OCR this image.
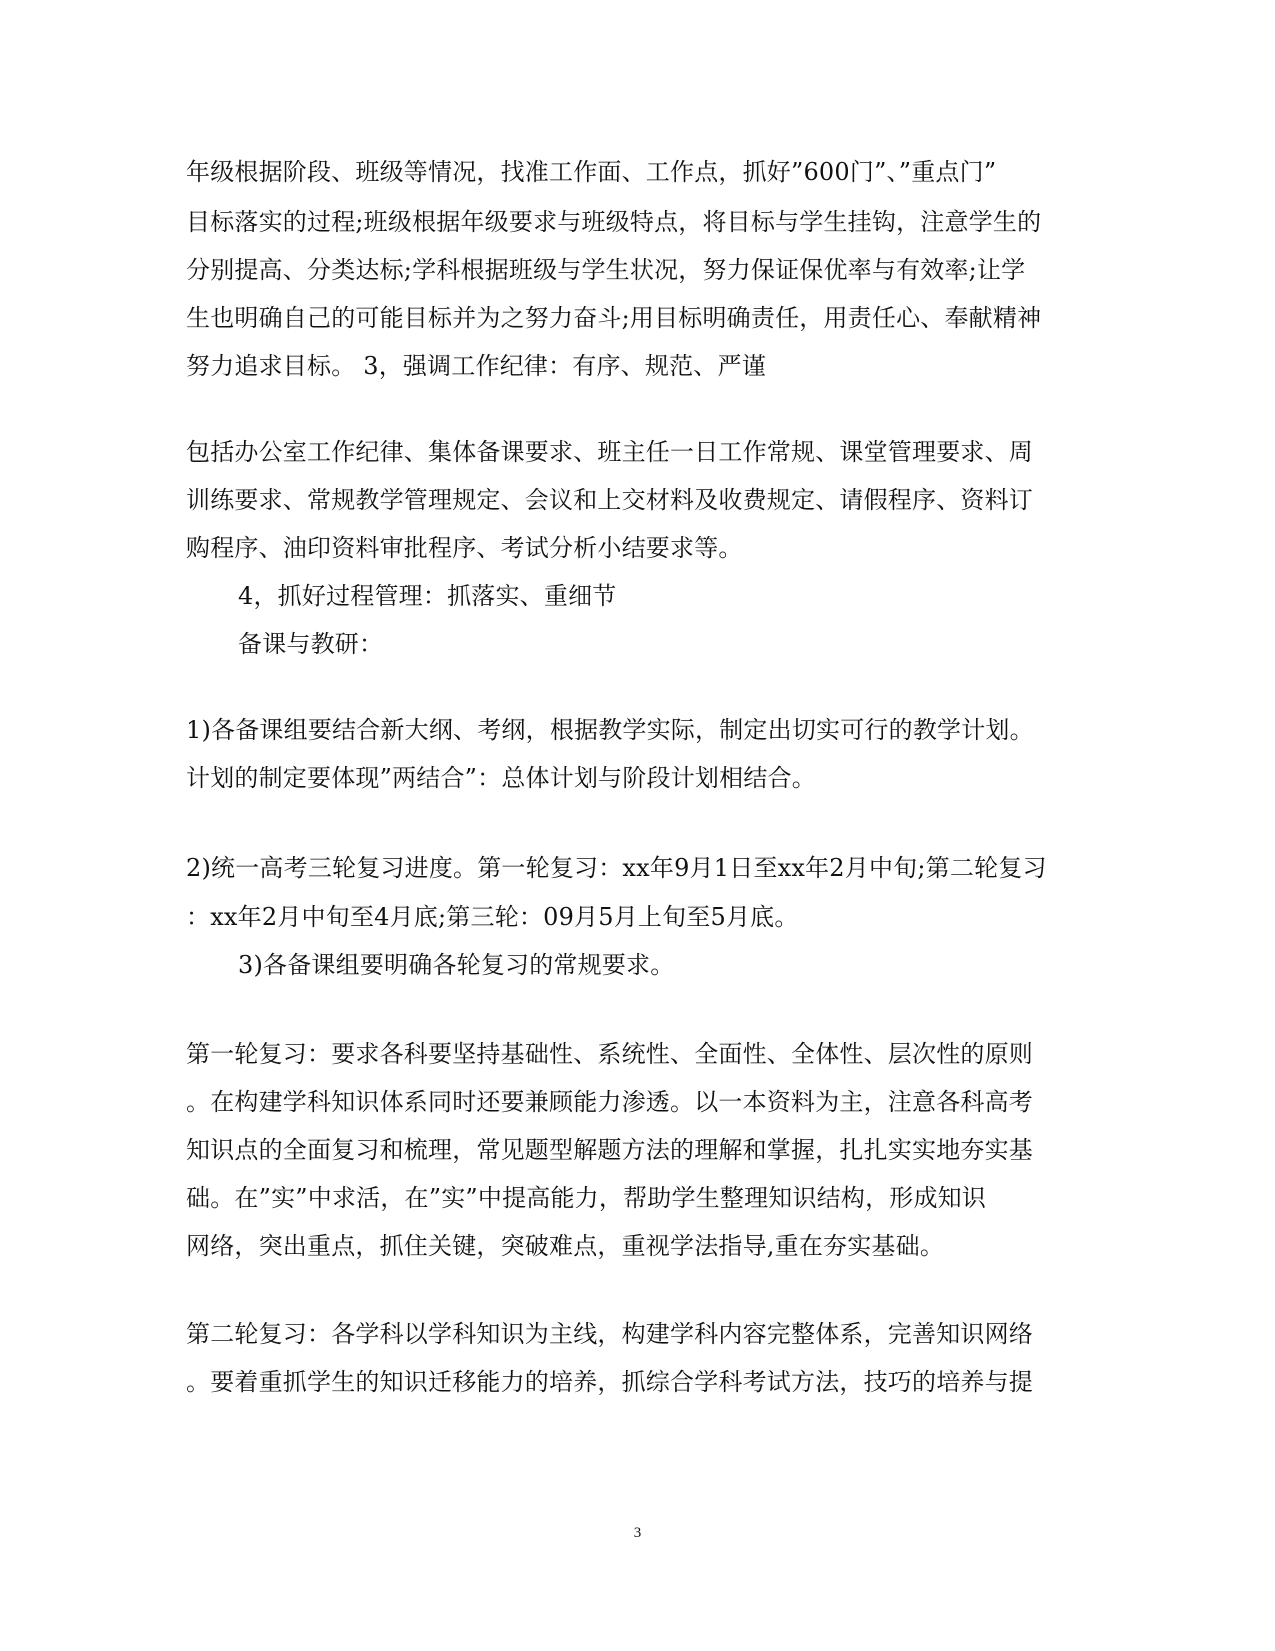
年级根据阶段、班级等情况，找准工作面、工作点，抓好”600门”、”重点门”
目标落实的过程;班级根据年级要求与班级特点，将目标与学生挂钩，注意学生的
分别提高、分类达标;学科根据班级与学生状况，努力保证保优率与有效率;让学
生也明确自己的可能目标并为之努力奋斗;用目标明确责任，用责任心、奉献精神
努力追求目标。 3，强调工作纪律：有序、规范、严谨
包括办公室工作纪律、集体备课要求、班主任一日工作常规、课堂管理要求、周
训练要求、常规教学管理规定、会议和上交材料及收费规定、请假程序、资料订
购程序、油印资料审批程序、考试分析小结要求等。
4，抓好过程管理：抓落实、重细节
备课与教研：
1)各备课组要结合新大纲、考纲，根据教学实际，制定出切实可行的教学计划。
计划的制定要体现”两结合”：总体计划与阶段计划相结合。
2)统一高考三轮复习进度。第一轮复习：xx年9月1日至xx年2月中旬;第二轮复习
：xx年2月中旬至4月底;第三轮：09月5月上旬至5月底。
3)各备课组要明确各轮复习的常规要求。
第一轮复习：要求各科要坚持基础性、系统性、全面性、全体性、层次性的原则
。在构建学科知识体系同时还要兼顾能力渗透。以一本资料为主，注意各科高考
知识点的全面复习和梳理，常见题型解题方法的理解和掌握，扎扎实实地夯实基
础。在”实”中求活，在”实”中提高能力，帮助学生整理知识结构，形成知识
网络，突出重点，抓住关键，突破难点，重视学法指导,重在夯实基础。
第二轮复习：各学科以学科知识为主线，构建学科内容完整体系，完善知识网络
。要着重抓学生的知识迁移能力的培养，抓综合学科考试方法，技巧的培养与提
3
